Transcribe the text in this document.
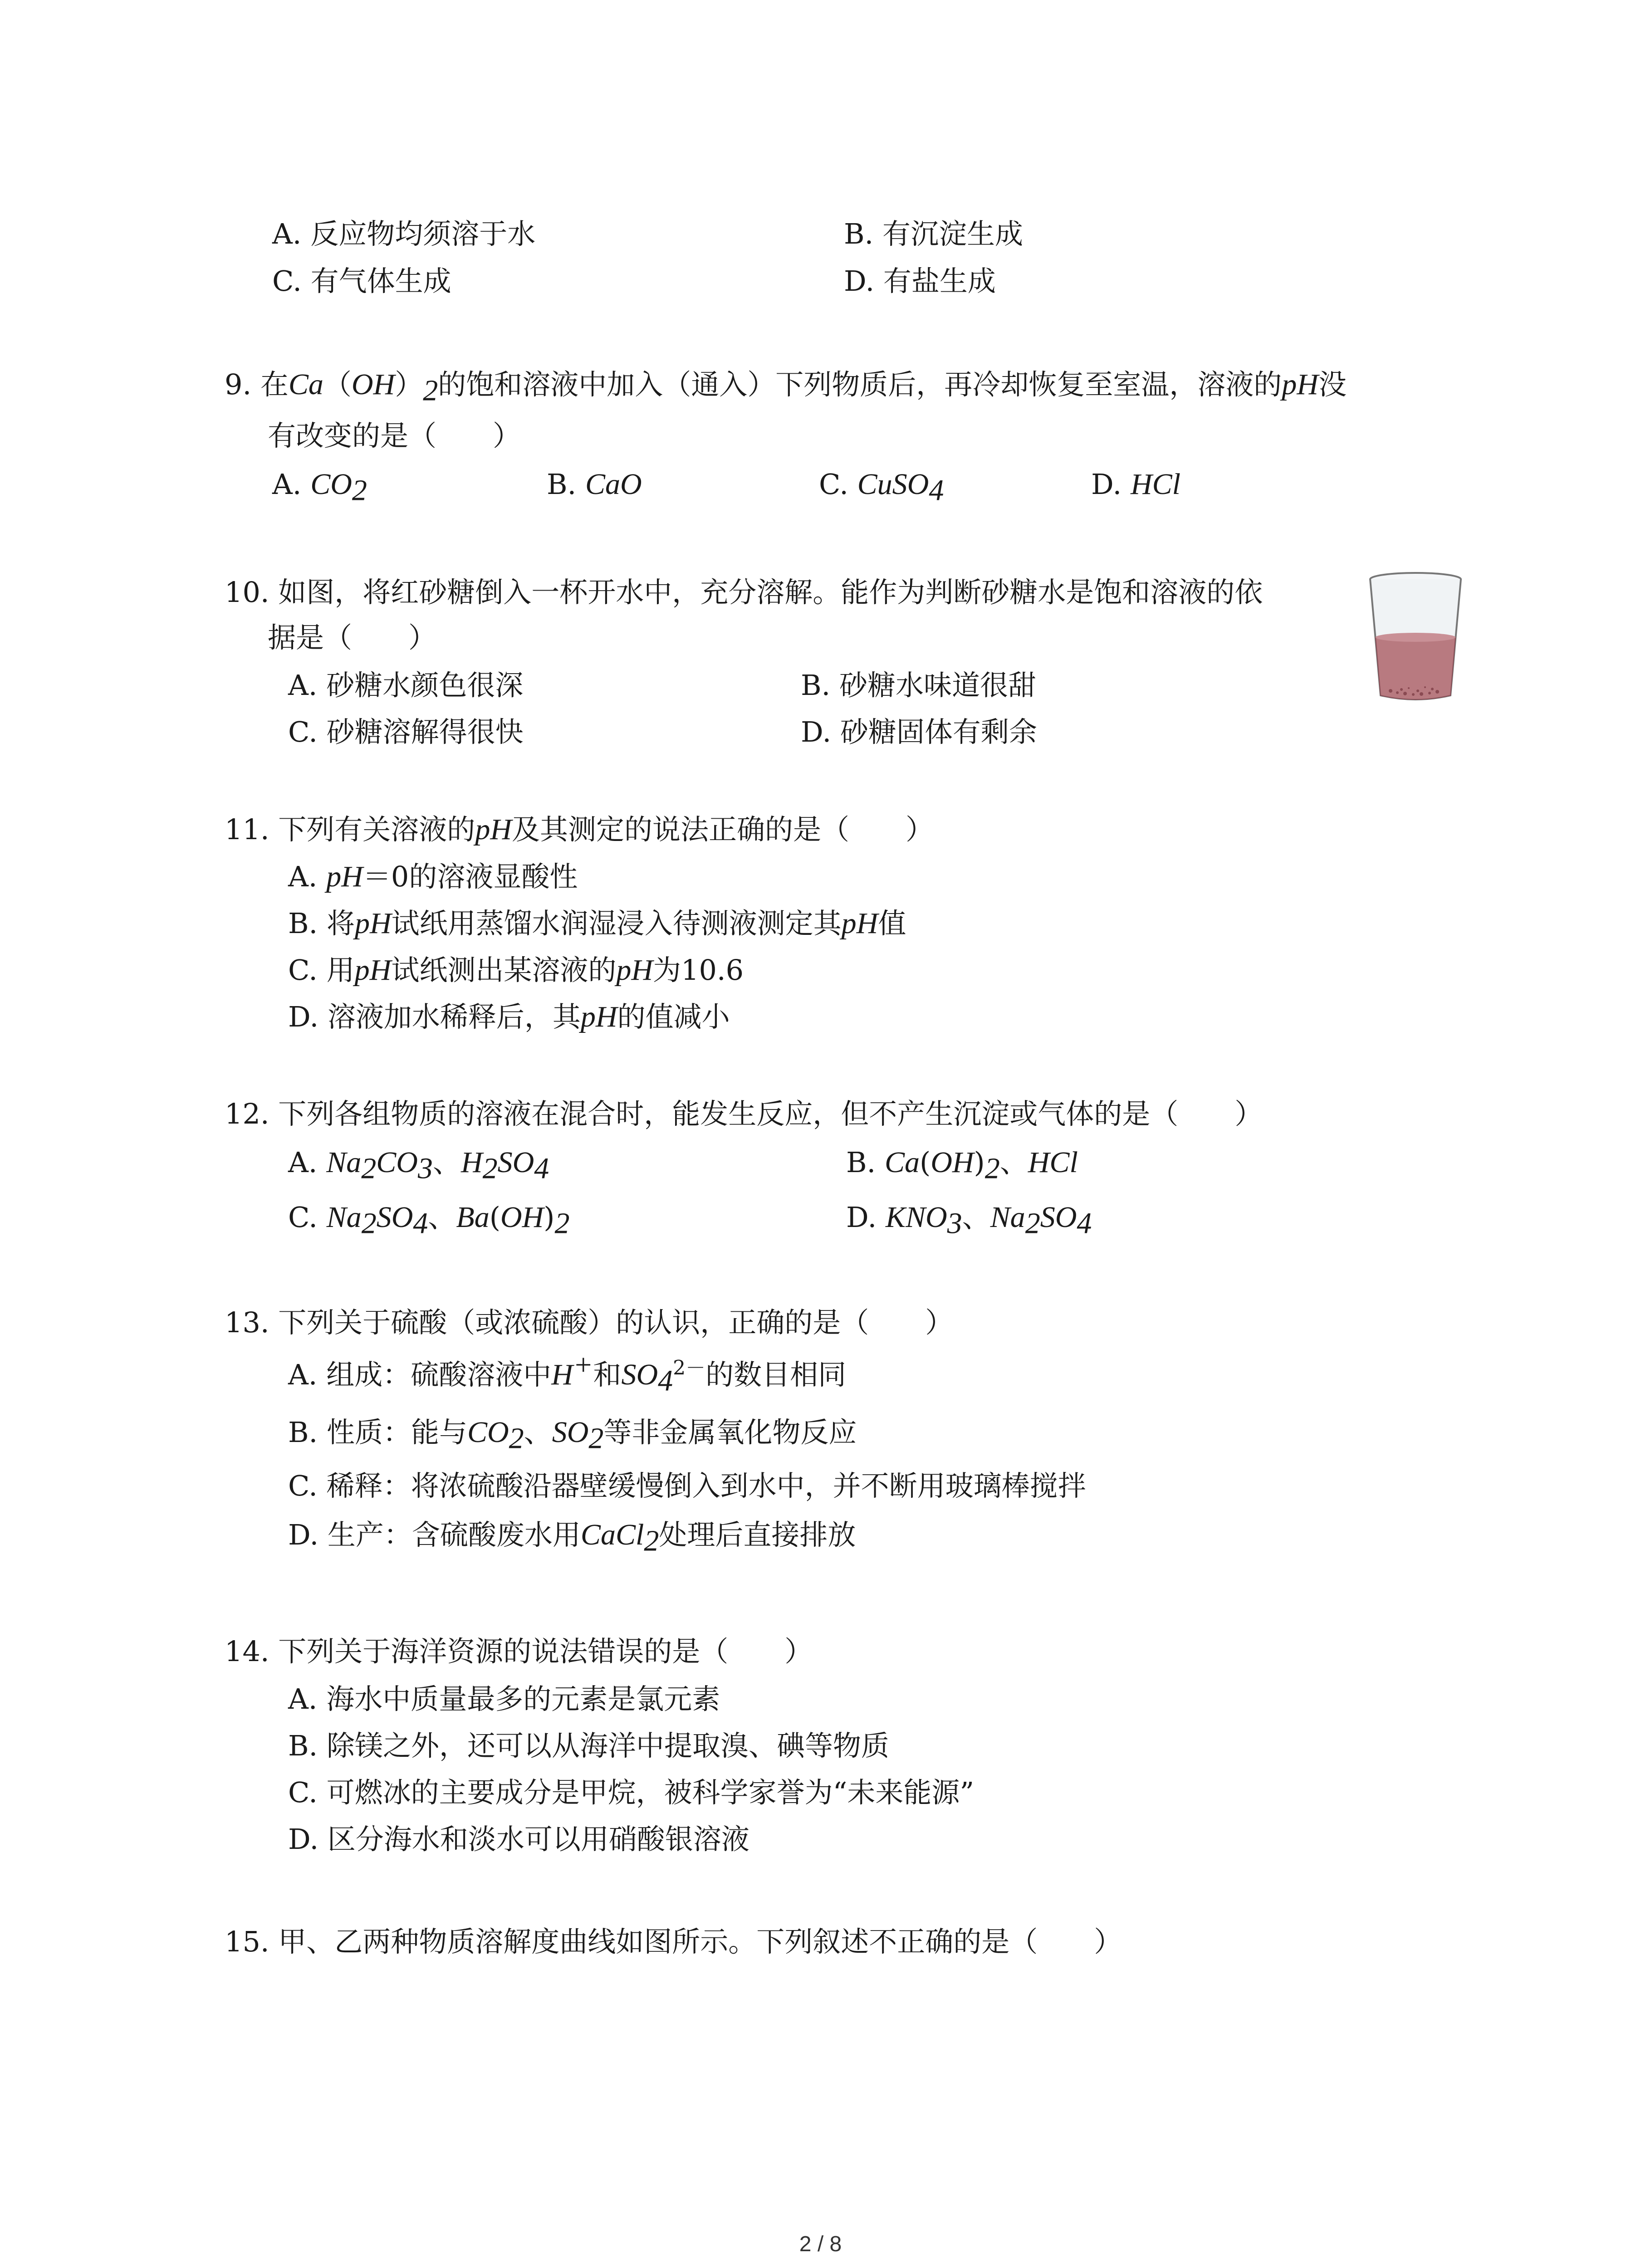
A. 反应物均须溶于水	B. 有沉淀生成
C. 有气体生成	D. 有盐生成
9. 在$Ca(OH)_2$的饱和溶液中加入（通入）下列物质后，再冷却恢复至室温，溶液的pH没
有改变的是（　　）
A. $CO_2$	B. CaO	C. CuSO$_4$	D. HCl
10. 如图，将红砂糖倒入一杯开水中，充分溶解。能作为判断砂糖水是饱和溶液的依
据是（　　）
A. 砂糖水颜色很深	B. 砂糖水味道很甜
C. 砂糖溶解得很快	D. 砂糖固体有剩余
11. 下列有关溶液的pH及其测定的说法正确的是（　　）
A. pH＝0的溶液显酸性
B. 将pH试纸用蒸馏水润湿浸入待测液测定其pH值
C. 用pH试纸测出某溶液的pH为10.6
D. 溶液加水稀释后，其pH的值减小
12. 下列各组物质的溶液在混合时，能发生反应，但不产生沉淀或气体的是（　　）
A. $Na_2CO_3$、$H_2SO_4$	B. $Ca(OH)_2$、HCl
C. $Na_2SO_4$、$Ba(OH)_2$	D. $KNO_3$、$Na_2SO_4$
13. 下列关于硫酸（或浓硫酸）的认识，正确的是（　　）
A. 组成：硫酸溶液中H+和$SO_4^{2-}$的数目相同
B. 性质：能与$CO_2$、$SO_2$等非金属氧化物反应
C. 稀释：将浓硫酸沿器壁缓慢倒入到水中，并不断用玻璃棒搅拌
D. 生产：含硫酸废水用CaCl$_2$处理后直接排放
14. 下列关于海洋资源的说法错误的是（　　）
A. 海水中质量最多的元素是氯元素
B. 除镁之外，还可以从海洋中提取溴、碘等物质
C. 可燃冰的主要成分是甲烷，被科学家誉为“未来能源”
D. 区分海水和淡水可以用硝酸银溶液
15. 甲、乙两种物质溶解度曲线如图所示。下列叙述不正确的是（　　）
2 / 8
